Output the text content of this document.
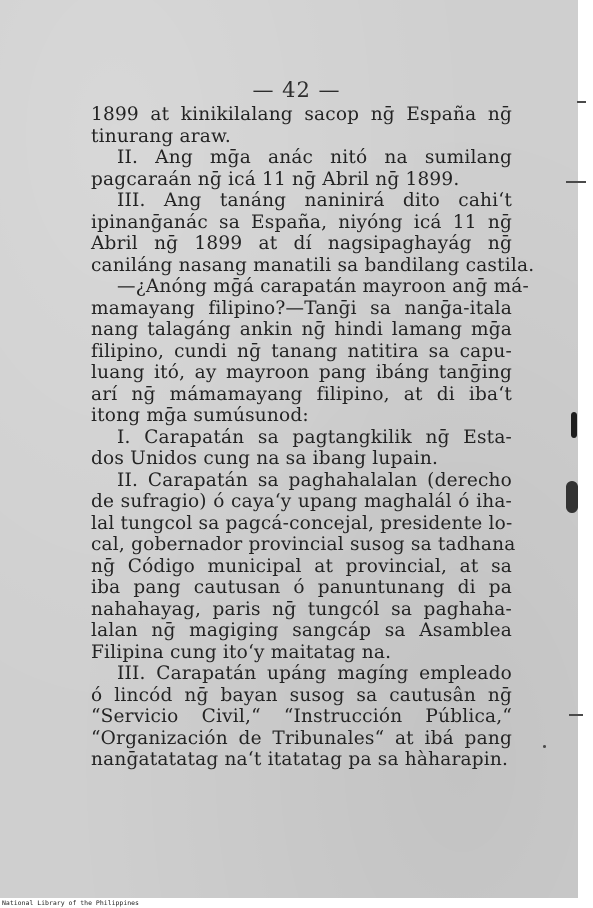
— 42 —
1899 at kinikilalang sacop nḡ España nḡ
tinurang araw.
II. Ang mḡa anác nitó na sumilang
pagcaraán nḡ icá 11 nḡ Abril nḡ 1899.
III. Ang tanáng naninirá dito cahi‘t
ipinanḡanác sa España, niyóng icá 11 nḡ
Abril nḡ 1899 at dí nagsipaghayág nḡ
caniláng nasang manatili sa bandilang castila.
—¿Anóng mḡá carapatán mayroon anḡ má-
mamayang filipino?—Tanḡi sa nanḡa-itala
nang talagáng ankin nḡ hindi lamang mḡa
filipino, cundi nḡ tanang natitira sa capu-
luang itó, ay mayroon pang ibáng tanḡing
arí nḡ mámamayang filipino, at di iba‘t
itong mḡa sumúsunod:
I. Carapatán sa pagtangkilik nḡ Esta-
dos Unidos cung na sa ibang lupain.
II. Carapatán sa paghahalalan (derecho
de sufragio) ó caya‘y upang maghalál ó iha-
lal tungcol sa pagcá-concejal, presidente lo-
cal, gobernador provincial susog sa tadhana
nḡ Código municipal at provincial, at sa
iba pang cautusan ó panuntunang di pa
nahahayag, paris nḡ tungcól sa paghaha-
lalan nḡ magiging sangcáp sa Asamblea
Filipina cung ito‘y maitatag na.
III. Carapatán upáng magíng empleado
ó lincód nḡ bayan susog sa cautusân nḡ
“Servicio Civil,“ “Instrucción Pública,“
“Organización de Tribunales“ at ibá pang
nanḡatatatag na‘t itatatag pa sa hàharapin.
National Library of the Philippines
